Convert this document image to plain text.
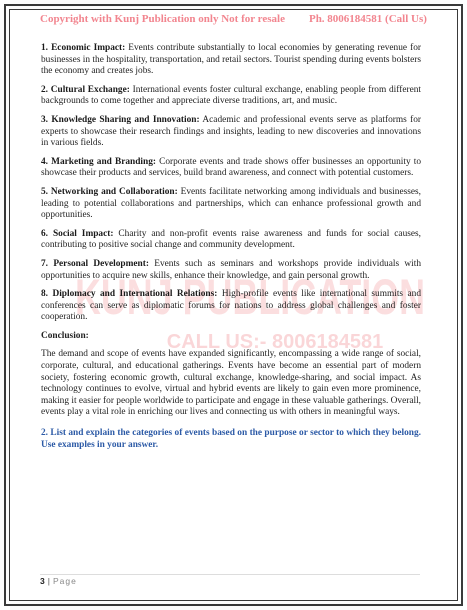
Copyright with Kunj Publication only Not for resale Ph. 8006184581 (Call Us)
KUNJ PUBLICATION
CALL US:- 8006184581

1. Economic Impact: Events contribute substantially to local economies by generating revenue for businesses in the hospitality, transportation, and retail sectors. Tourist spending during events bolsters the economy and creates jobs.

2. Cultural Exchange: International events foster cultural exchange, enabling people from different backgrounds to come together and appreciate diverse traditions, art, and music.

3. Knowledge Sharing and Innovation: Academic and professional events serve as platforms for experts to showcase their research findings and insights, leading to new discoveries and innovations in various fields.

4. Marketing and Branding: Corporate events and trade shows offer businesses an opportunity to showcase their products and services, build brand awareness, and connect with potential customers.

5. Networking and Collaboration: Events facilitate networking among individuals and businesses, leading to potential collaborations and partnerships, which can enhance professional growth and opportunities.

6. Social Impact: Charity and non-profit events raise awareness and funds for social causes, contributing to positive social change and community development.

7. Personal Development: Events such as seminars and workshops provide individuals with opportunities to acquire new skills, enhance their knowledge, and gain personal growth.

8. Diplomacy and International Relations: High-profile events like international summits and conferences can serve as diplomatic forums for nations to address global challenges and foster cooperation.

Conclusion:

The demand and scope of events have expanded significantly, encompassing a wide range of social, corporate, cultural, and educational gatherings. Events have become an essential part of modern society, fostering economic growth, cultural exchange, knowledge-sharing, and social impact. As technology continues to evolve, virtual and hybrid events are likely to gain even more prominence, making it easier for people worldwide to participate and engage in these valuable gatherings. Overall, events play a vital role in enriching our lives and connecting us with others in meaningful ways.

2. List and explain the categories of events based on the purpose or sector to which they belong. Use examples in your answer.

3 | Page
